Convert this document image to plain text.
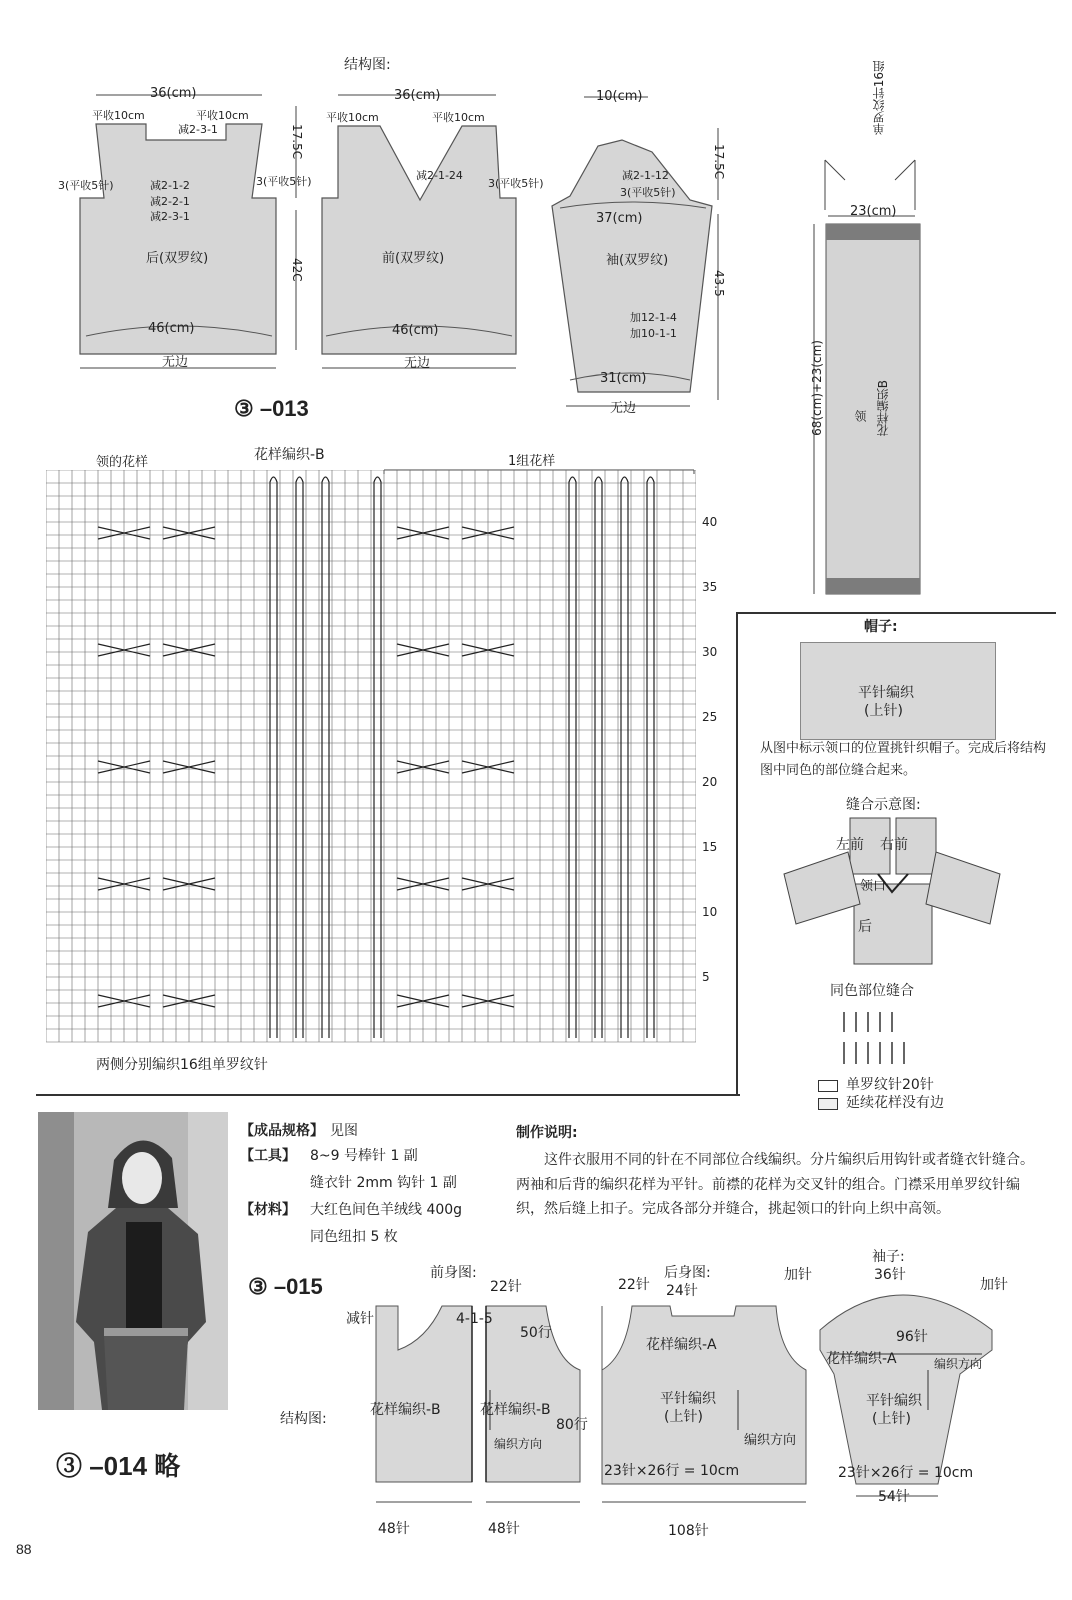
结构图:
36(cm)
平收10cm	平收10cm
减2-3-1
3(平收5针)	减2-1-2
减2-2-1
减2-3-1
后(双罗纹)
46(cm)
无边
17.5C
42C
36(cm)
平收10cm	平收10cm
减2-1-24
3(平收5针)	3(平收5针)
前(双罗纹)
46(cm)
无边
10(cm)
减2-1-12
3(平收5针)
37(cm)
袖(双罗纹)
加12-1-4
加10-1-1
31(cm)
无边
17.5C
43.5
③ –013
单罗纹针16组
23(cm)
68(cm)+23(cm) 领 花样编织B
领的花样	花样编织-B	1组花样
40
35
30
25
20
15
10
5
两侧分别编织16组单罗纹针
帽子:
平针编织
(上针)
从图中标示领口的位置挑针织帽子。完成后将结构图中同色的部位缝合起来。
缝合示意图:
左前 右前
领口
后
同色部位缝合
单罗纹针20针
延续花样没有边
【成品规格】 见图
【工具】 8~9 号棒针 1 副
缝衣针 2mm 钩针 1 副
【材料】 大红色间色羊绒线 400g
同色纽扣 5 枚
③ –015
制作说明:
这件衣服用不同的针在不同部位合线编织。分片编织后用钩针或者缝衣针缝合。两袖和后背的编织花样为平针。前襟的花样为交叉针的组合。门襟采用单罗纹针编织，然后缝上扣子。完成各部分并缝合，挑起领口的针向上织中高领。
③ –014 略
结构图:
前身图:
22针
减针	4-1-5
50行
花样编织-B	花样编织-B
80行
编织方向
48针	48针
后身图:
22针 24针
花样编织-A
平针编织
(上针)
编织方向
23针×26行 = 10cm
108针
袖子:
加针
加针
36针
96针
花样编织-A	编织方向
平针编织
(上针)
23针×26行 = 10cm
54针
88
